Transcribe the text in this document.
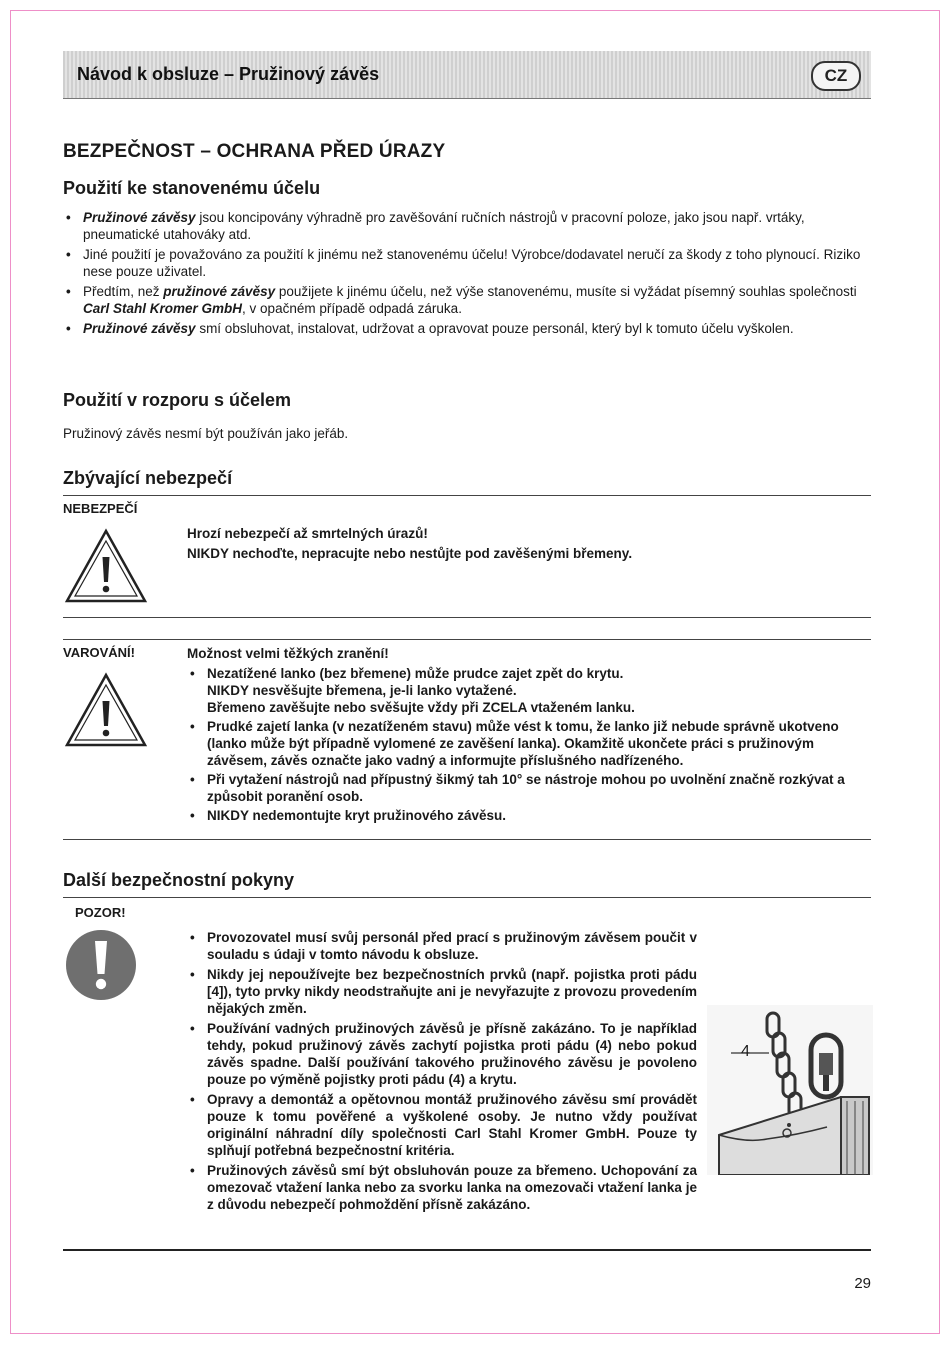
Návod k obsluze – Pružinový závěs	CZ
BEZPEČNOST – OCHRANA PŘED ÚRAZY
Použití ke stanovenému účelu
• Pružinové závěsy jsou koncipovány výhradně pro zavěšování ručních nástrojů v pracovní poloze, jako jsou např. vrtáky, pneumatické utahováky atd.
• Jiné použití je považováno za použití k jinému než stanovenému účelu! Výrobce/dodavatel neručí za škody z toho plynoucí. Riziko nese pouze uživatel.
• Předtím, než pružinové závěsy použijete k jinému účelu, než výše stanovenému, musíte si vyžádat písemný souhlas společnosti Carl Stahl Kromer GmbH, v opačném případě odpadá záruka.
• Pružinové závěsy smí obsluhovat, instalovat, udržovat a opravovat pouze personál, který byl k tomuto účelu vyškolen.
Použití v rozporu s účelem
Pružinový závěs nesmí být používán jako jeřáb.
Zbývající nebezpečí
NEBEZPEČÍ
Hrozí nebezpečí až smrtelných úrazů!
NIKDY nechoďte, nepracujte nebo nestůjte pod zavěšenými břemeny.
VAROVÁNÍ!	Možnost velmi těžkých zranění!
• Nezatížené lanko (bez břemene) může prudce zajet zpět do krytu.
NIKDY nesvěšujte břemena, je-li lanko vytažené.
Břemeno zavěšujte nebo svěšujte vždy při ZCELA vtaženém lanku.
• Prudké zajetí lanka (v nezatíženém stavu) může vést k tomu, že lanko již nebude správně ukotveno (lanko může být případně vylomené ze zavěšení lanka). Okamžitě ukončete práci s pružinovým závěsem, závěs označte jako vadný a informujte příslušného nadřízeného.
• Při vytažení nástrojů nad přípustný šikmý tah 10° se nástroje mohou po uvolnění značně rozkývat a způsobit poranění osob.
• NIKDY nedemontujte kryt pružinového závěsu.
Další bezpečnostní pokyny
POZOR!
• Provozovatel musí svůj personál před prací s pružinovým závěsem poučit v souladu s údaji v tomto návodu k obsluze.
• Nikdy jej nepoužívejte bez bezpečnostních prvků (např. pojistka proti pádu [4]), tyto prvky nikdy neodstraňujte ani je nevyřazujte z provozu provedením nějakých změn.
• Používání vadných pružinových závěsů je přísně zakázáno. To je například tehdy, pokud pružinový závěs zachytí pojistka proti pádu (4) nebo pokud závěs spadne. Další používání takového pružinového závěsu je povoleno pouze po výměně pojistky proti pádu (4) a krytu.
• Opravy a demontáž a opětovnou montáž pružinového závěsu smí provádět pouze k tomu pověřené a vyškolené osoby. Je nutno vždy používat originální náhradní díly společnosti Carl Stahl Kromer GmbH. Pouze ty splňují potřebná bezpečnostní kritéria.
• Pružinových závěsů smí být obsluhován pouze za břemeno. Uchopování za omezovač vtažení lanka nebo za svorku lanka na omezovači vtažení lanka je z důvodu nebezpečí pohmoždění přísně zakázáno.
4
29
